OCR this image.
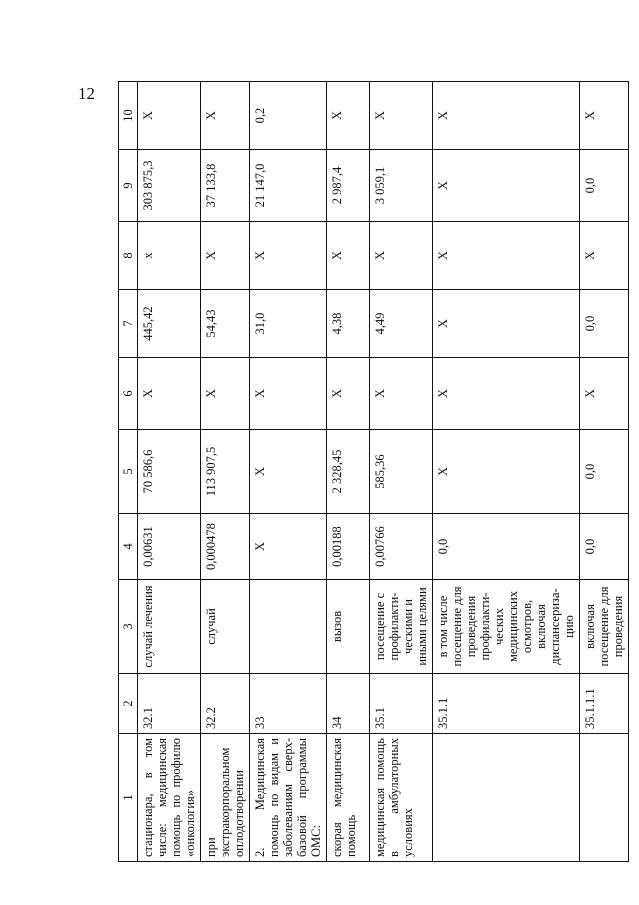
1	2	3	4	5	6	7	8	9	10
стационара, в том числе: медицинская помощь по профилю «онкология»	32.1	случай лечения	0,00631	70 586,6	X	445,42	x	303 875,3	X
при экстракорпоральном оплодотворении	32.2	случай	0,000478	113 907,5	X	54,43	X	37 133,8	X
2. Медицинская помощь по видам и заболеваниям сверх-базовой программы ОМС:	33		X	X	X	31,0	X	21 147,0	0,2
скорая медицинская помощь	34	вызов	0,00188	2 328,45	X	4,38	X	2 987,4	X
медицинская помощь в амбулаторных условиях	35.1	посещение с профилакти-ческими и иными целями	0,00766	585,36	X	4,49	X	3 059,1	X
	35.1.1	в том числе посещение для проведения профилакти-ческих медицинских осмотров, включая диспансериза-цию	0,0	X	X	X	X	X	X
	35.1.1.1	включая посещение для проведения	0,0	0,0	X	0,0	X	0,0	X
12
